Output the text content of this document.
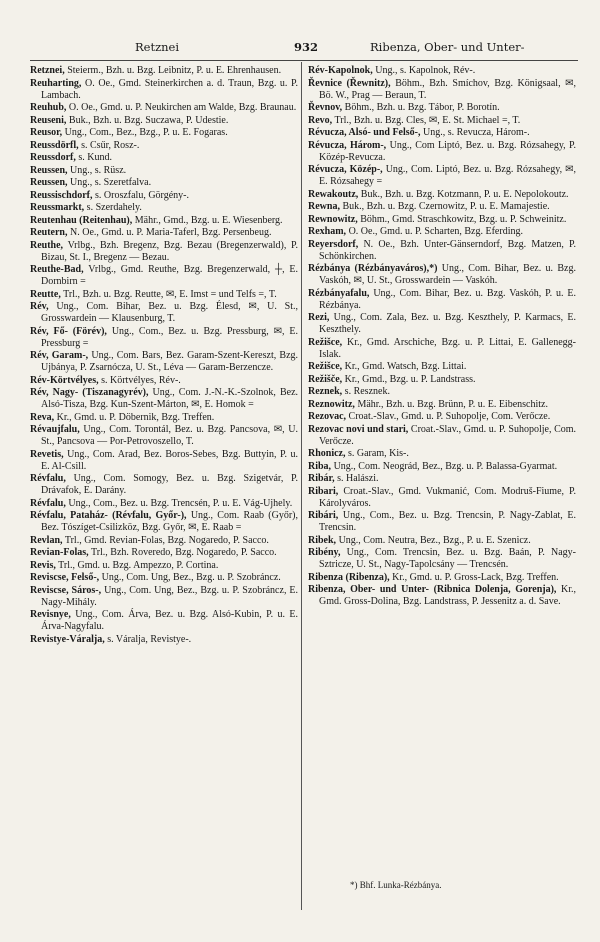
Retznei	932	Ribenza, Ober- und Unter-
Retznei, Steierm., Bzh. u. Bzg. Leibnitz, P. u. E. Ehrenhausen.
Reuharting, O. Oe., Gmd. Steinerkirchen a. d. Traun, Bzg. u. P. Lambach.
Reuhub, O. Oe., Gmd. u. P. Neukirchen am Walde, Bzg. Braunau.
Reuseni, Buk., Bzh. u. Bzg. Suczawa, P. Udestie.
Reusor, Ung., Com., Bez., Bzg., P. u. E. Fogaras.
Reussdörfl, s. Csűr, Rosz-.
Reussdorf, s. Kund.
Reussen, Ung., s. Rüsz.
Reussen, Ung., s. Szeretfalva.
Reussischdorf, s. Oroszfalu, Görgény-.
Reussmarkt, s. Szerdahely.
Reutenhau (Reitenhau), Mähr., Gmd., Bzg. u. E. Wiesenberg.
Reutern, N. Oe., Gmd. u. P. Maria-Taferl, Bzg. Persenbeug.
Reuthe, Vrlbg., Bzh. Bregenz, Bzg. Bezau (Bregenzerwald), P. Bizau, St. I., Bregenz — Bezau.
Reuthe-Bad, Vrlbg., Gmd. Reuthe, Bzg. Bregenzerwald, ┼, E. Dornbirn =
Reutte, Trl., Bzh. u. Bzg. Reutte, ✉, E. Imst = und Telfs =, T.
Rév, Ung., Com. Bihar, Bez. u. Bzg. Élesd, ✉, U. St., Grosswardein — Klausenburg, T.
Rév, Fő- (Förév), Ung., Com., Bez. u. Bzg. Pressburg, ✉, E. Pressburg =
Rév, Garam-, Ung., Com. Bars, Bez. Garam-Szent-Kereszt, Bzg. Ujbánya, P. Zsarnócza, U. St., Léva — Garam-Berzencze.
Rév-Körtvélyes, s. Körtvélyes, Rév-.
Rév, Nagy- (Tiszanagyrév), Ung., Com. J.-N.-K.-Szolnok, Bez. Alsó-Tisza, Bzg. Kun-Szent-Márton, ✉, E. Homok =
Reva, Kr., Gmd. u. P. Döbernik, Bzg. Treffen.
Révaujfalu, Ung., Com. Torontál, Bez. u. Bzg. Pancsova, ✉, U. St., Pancsova — Por-Petrovoszello, T.
Revetis, Ung., Com. Arad, Bez. Boros-Sebes, Bzg. Buttyin, P. u. E. Al-Csill.
Révfalu, Ung., Com. Somogy, Bez. u. Bzg. Szigetvár, P. Drávafok, E. Darány.
Révfalu, Ung., Com., Bez. u. Bzg. Trencsén, P. u. E. Vág-Ujhely.
Révfalu, Pataház- (Révfalu, Győr-), Ung., Com. Raab (Győr), Bez. Tószíget-Csilizköz, Bzg. Győr, ✉, E. Raab =
Revlan, Trl., Gmd. Revian-Folas, Bzg. Nogaredo, P. Sacco.
Revian-Folas, Trl., Bzh. Roveredo, Bzg. Nogaredo, P. Sacco.
Revis, Trl., Gmd. u. Bzg. Ampezzo, P. Cortina.
Reviscse, Felső-, Ung., Com. Ung, Bez., Bzg. u. P. Szobráncz.
Reviscse, Sáros-, Ung., Com. Ung, Bez., Bzg. u. P. Szobráncz, E. Nagy-Mihály.
Revisnye, Ung., Com. Árva, Bez. u. Bzg. Alsó-Kubin, P. u. E. Árva-Nagyfalu.
Revistye-Váralja, s. Váralja, Revistye-.
Rév-Kapolnok, Ung., s. Kapolnok, Rév-.
Řevnice (Řewnitz), Böhm., Bzh. Smíchov, Bzg. Königsaal, ✉, Bö. W., Prag — Beraun, T.
Řevnov, Böhm., Bzh. u. Bzg. Tábor, P. Borotín.
Revo, Trl., Bzh. u. Bzg. Cles, ✉, E. St. Michael =, T.
Révucza, Alsó- und Felső-, Ung., s. Revucza, Három-.
Révucza, Három-, Ung., Com Liptó, Bez. u. Bzg. Rózsahegy, P. Közép-Revucza.
Révucza, Közép-, Ung., Com. Liptó, Bez. u. Bzg. Rózsahegy, ✉, E. Rózsahegy =
Rewakoutz, Buk., Bzh. u. Bzg. Kotzmann, P. u. E. Nepolokoutz.
Rewna, Buk., Bzh. u. Bzg. Czernowitz, P. u. E. Mamajestie.
Rewnowitz, Böhm., Gmd. Straschkowitz, Bzg. u. P. Schweinitz.
Rexham, O. Oe., Gmd. u. P. Scharten, Bzg. Eferding.
Reyersdorf, N. Oe., Bzh. Unter-Gänserndorf, Bzg. Matzen, P. Schönkirchen.
Rézbánya (Rézbányaváros),*) Ung., Com. Bihar, Bez. u. Bzg. Vaskóh, ✉, U. St., Grosswardein — Vaskóh.
Rézbányafalu, Ung., Com. Bihar, Bez. u. Bzg. Vaskóh, P. u. E. Rézbánya.
Rezi, Ung., Com. Zala, Bez. u. Bzg. Keszthely, P. Karmacs, E. Keszthely.
Režišce, Kr., Gmd. Arschiche, Bzg. u. P. Littai, E. Gallenegg-Islak.
Režišce, Kr., Gmd. Watsch, Bzg. Littai.
Režišče, Kr., Gmd., Bzg. u. P. Landstrass.
Reznek, s. Resznek.
Reznowitz, Mähr., Bzh. u. Bzg. Brünn, P. u. E. Eibenschitz.
Rezovac, Croat.-Slav., Gmd. u. P. Suhopolje, Com. Verőcze.
Rezovac novi und stari, Croat.-Slav., Gmd. u. P. Suhopolje, Com. Verőcze.
Rhonicz, s. Garam, Kis-.
Riba, Ung., Com. Neográd, Bez., Bzg. u. P. Balassa-Gyarmat.
Ribár, s. Halászi.
Ribari, Croat.-Slav., Gmd. Vukmanić, Com. Modruš-Fiume, P. Károlyváros.
Ribári, Ung., Com., Bez. u. Bzg. Trencsin, P. Nagy-Zablat, E. Trencsin.
Ribek, Ung., Com. Neutra, Bez., Bzg., P. u. E. Szenicz.
Ribény, Ung., Com. Trencsin, Bez. u. Bzg. Baán, P. Nagy-Sztricze, U. St., Nagy-Tapolcsány — Trencsén.
Ribenza (Ribenza), Kr., Gmd. u. P. Gross-Lack, Bzg. Treffen.
Ribenza, Ober- und Unter- (Ribnica Dolenja, Gorenja), Kr., Gmd. Gross-Dolina, Bzg. Landstrass, P. Jessenitz a. d. Save.
*) Bhf. Lunka-Rézbánya.
